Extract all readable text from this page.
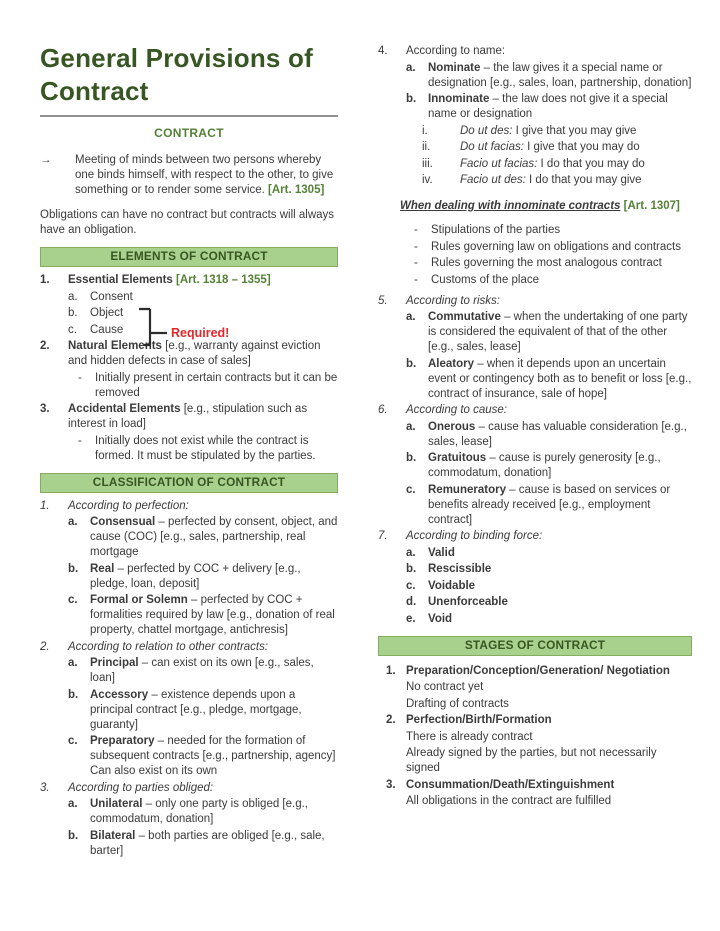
General Provisions of
Contract
CONTRACT
→	Meeting of minds between two persons whereby one binds himself, with respect to the other, to give something or to render some service. [Art. 1305]

Obligations can have no contract but contracts will always have an obligation.

ELEMENTS OF CONTRACT
1.	Essential Elements [Art. 1318 – 1355]
a.	Consent
b.	Object
c.	Cause
2.	Natural Elements [e.g., warranty against eviction and hidden defects in case of sales]
-	Initially present in certain contracts but it can be removed
3.	Accidental Elements [e.g., stipulation such as interest in load]
-	Initially does not exist while the contract is formed. It must be stipulated by the parties.
Required!
CLASSIFICATION OF CONTRACT
1.	According to perfection:
a.	Consensual – perfected by consent, object, and cause (COC) [e.g., sales, partnership, real mortgage
b.	Real – perfected by COC + delivery [e.g., pledge, loan, deposit]
c.	Formal or Solemn – perfected by COC + formalities required by law [e.g., donation of real property, chattel mortgage, antichresis]
2.	According to relation to other contracts:
a.	Principal – can exist on its own [e.g., sales, loan]
b.	Accessory – existence depends upon a principal contract [e.g., pledge, mortgage, guaranty]
c.	Preparatory – needed for the formation of subsequent contracts [e.g., partnership, agency] Can also exist on its own
3.	According to parties obliged:
a.	Unilateral – only one party is obliged [e.g., commodatum, donation]
b.	Bilateral – both parties are obliged [e.g., sale, barter]
4.	According to name:
a.	Nominate – the law gives it a special name or designation [e.g., sales, loan, partnership, donation]
b.	Innominate – the law does not give it a special name or designation
i.	Do ut des: I give that you may give
ii.	Do ut facias: I give that you may do
iii.	Facio ut facias: I do that you may do
iv.	Facio ut des: I do that you may give
When dealing with innominate contracts [Art. 1307]
-	Stipulations of the parties
-	Rules governing law on obligations and contracts
-	Rules governing the most analogous contract
-	Customs of the place
5.	According to risks:
a.	Commutative – when the undertaking of one party is considered the equivalent of that of the other [e.g., sales, lease]
b.	Aleatory – when it depends upon an uncertain event or contingency both as to benefit or loss [e.g., contract of insurance, sale of hope]
6.	According to cause:
a.	Onerous – cause has valuable consideration [e.g., sales, lease]
b.	Gratuitous – cause is purely generosity [e.g., commodatum, donation]
c.	Remuneratory – cause is based on services or benefits already received [e.g., employment contract]
7.	According to binding force:
a.	Valid
b.	Rescissible
c.	Voidable
d.	Unenforceable
e.	Void
STAGES OF CONTRACT
1. Preparation/Conception/Generation/ Negotiation
No contract yet
Drafting of contracts
2. Perfection/Birth/Formation
There is already contract
Already signed by the parties, but not necessarily signed
3. Consummation/Death/Extinguishment
All obligations in the contract are fulfilled
